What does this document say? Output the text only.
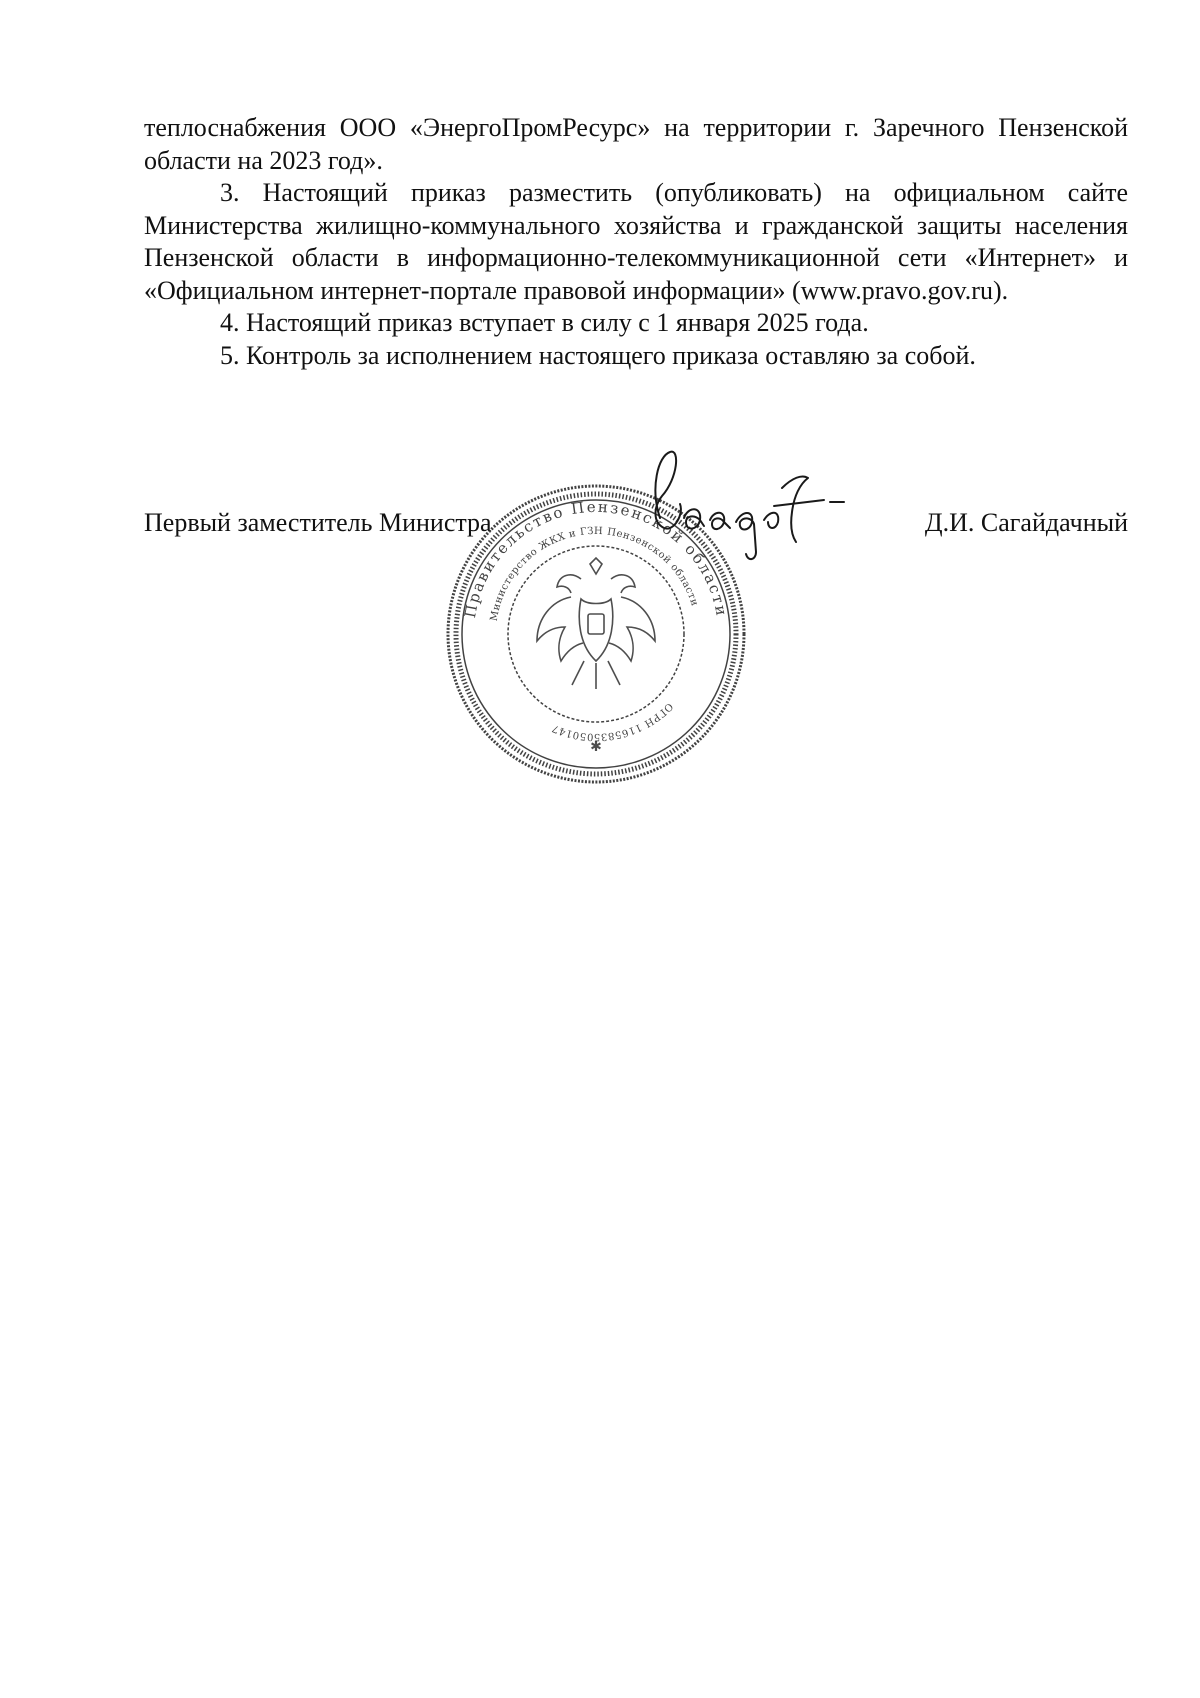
теплоснабжения ООО «ЭнергоПромРесурс» на территории г. Заречного Пензенской области на 2023 год».

3. Настоящий приказ разместить (опубликовать) на официальном сайте Министерства жилищно-коммунального хозяйства и гражданской защиты населения Пензенской области в информационно-телекоммуникационной сети «Интернет» и «Официальном интернет-портале правовой информации» (www.pravo.gov.ru).

4. Настоящий приказ вступает в силу с 1 января 2025 года.

5. Контроль за исполнением настоящего приказа оставляю за собой.

Первый заместитель Министра	Д.И. Сагайдачный
Правительство Пензенской области
Министерство ЖКХ и ГЗН Пензенской области
ОГРН 1165835050147
✱
